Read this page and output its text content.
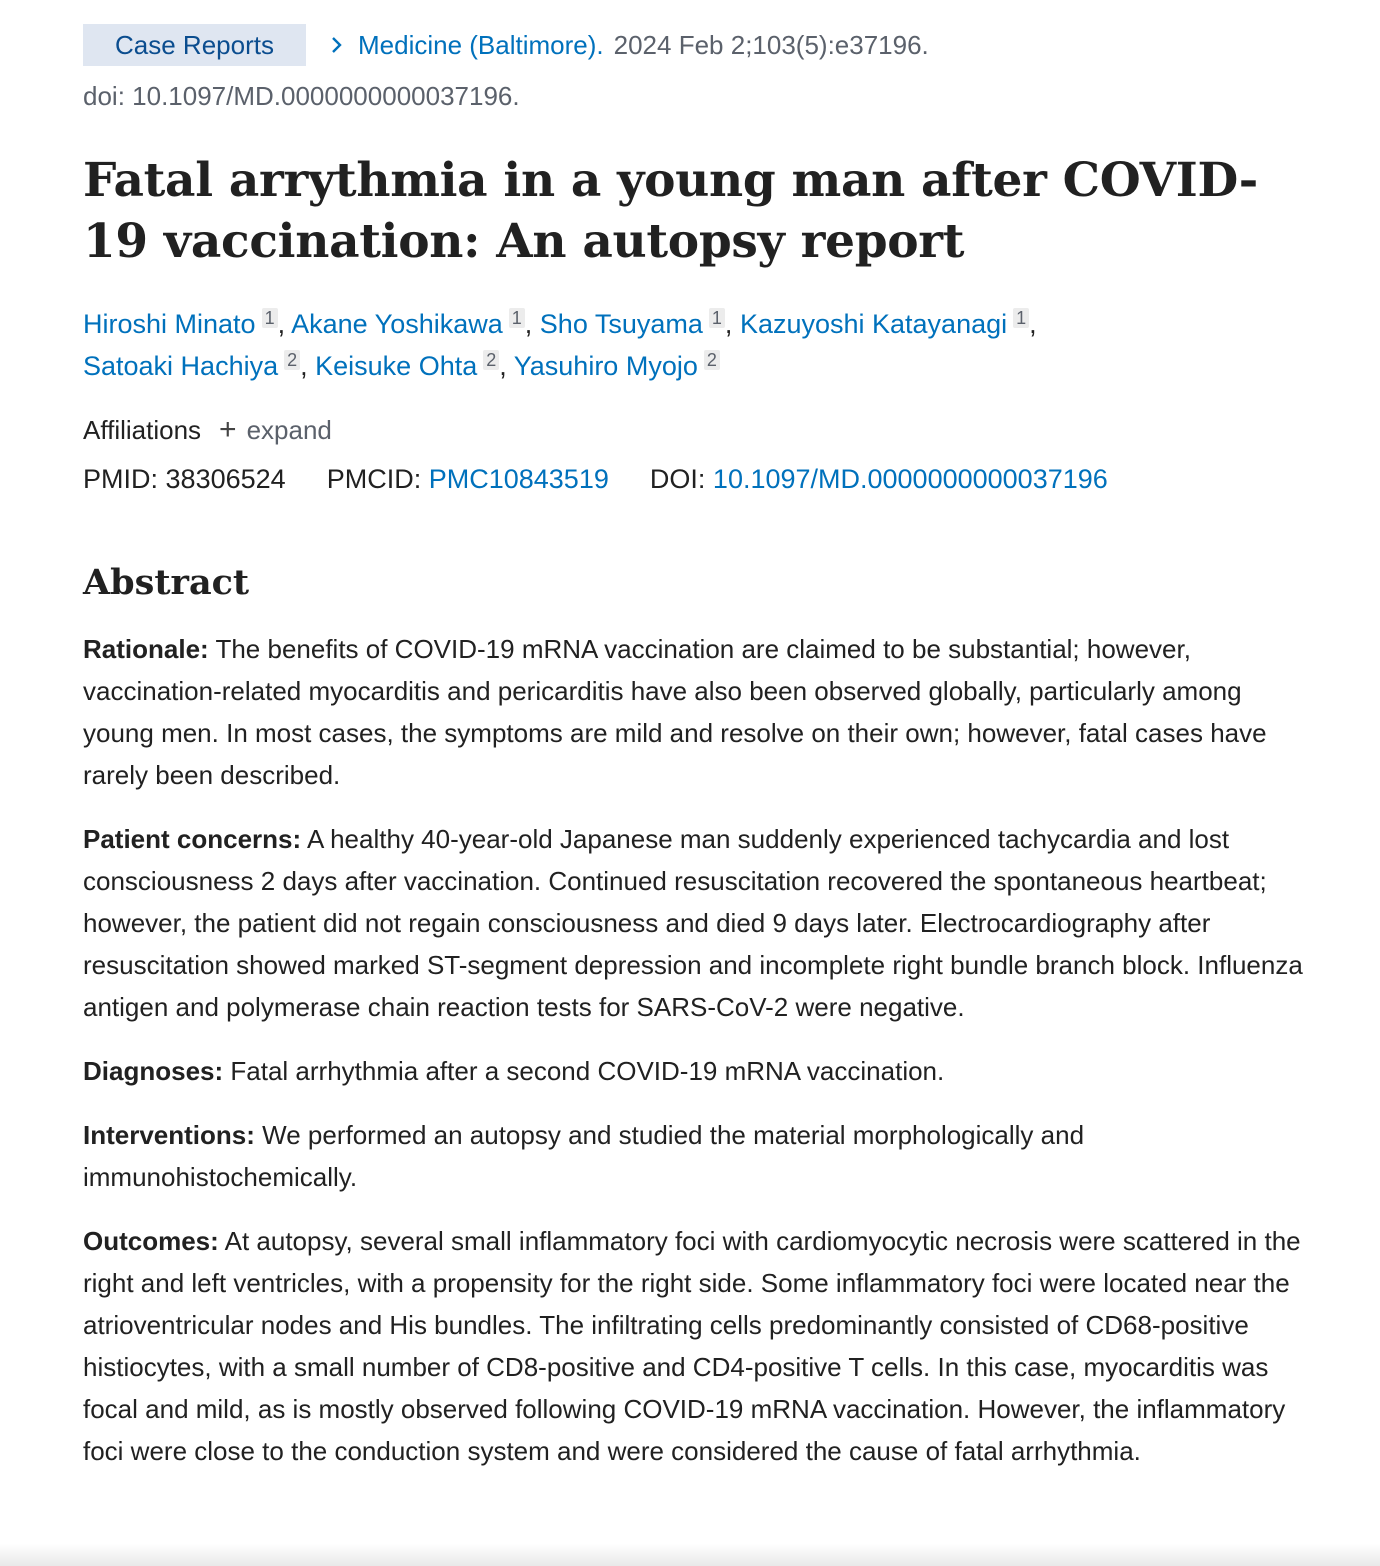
Case Reports	Medicine (Baltimore). 2024 Feb 2;103(5):e37196.
doi: 10.1097/MD.0000000000037196.
Fatal arrythmia in a young man after COVID-19 vaccination: An autopsy report
Hiroshi Minato 1 , Akane Yoshikawa 1 , Sho Tsuyama 1 , Kazuyoshi Katayanagi 1 ,
Satoaki Hachiya 2 , Keisuke Ohta 2 , Yasuhiro Myojo 2
Affiliations + expand
PMID: 38306524 PMCID: PMC10843519 DOI: 10.1097/MD.0000000000037196
Abstract

Rationale: The benefits of COVID-19 mRNA vaccination are claimed to be substantial; however, vaccination-related myocarditis and pericarditis have also been observed globally, particularly among young men. In most cases, the symptoms are mild and resolve on their own; however, fatal cases have rarely been described.

Patient concerns: A healthy 40-year-old Japanese man suddenly experienced tachycardia and lost consciousness 2 days after vaccination. Continued resuscitation recovered the spontaneous heartbeat; however, the patient did not regain consciousness and died 9 days later. Electrocardiography after resuscitation showed marked ST-segment depression and incomplete right bundle branch block. Influenza antigen and polymerase chain reaction tests for SARS-CoV-2 were negative.

Diagnoses: Fatal arrhythmia after a second COVID-19 mRNA vaccination.

Interventions: We performed an autopsy and studied the material morphologically and immunohistochemically.

Outcomes: At autopsy, several small inflammatory foci with cardiomyocytic necrosis were scattered in the right and left ventricles, with a propensity for the right side. Some inflammatory foci were located near the atrioventricular nodes and His bundles. The infiltrating cells predominantly consisted of CD68-positive histiocytes, with a small number of CD8-positive and CD4-positive T cells. In this case, myocarditis was focal and mild, as is mostly observed following COVID-19 mRNA vaccination. However, the inflammatory foci were close to the conduction system and were considered the cause of fatal arrhythmia.
